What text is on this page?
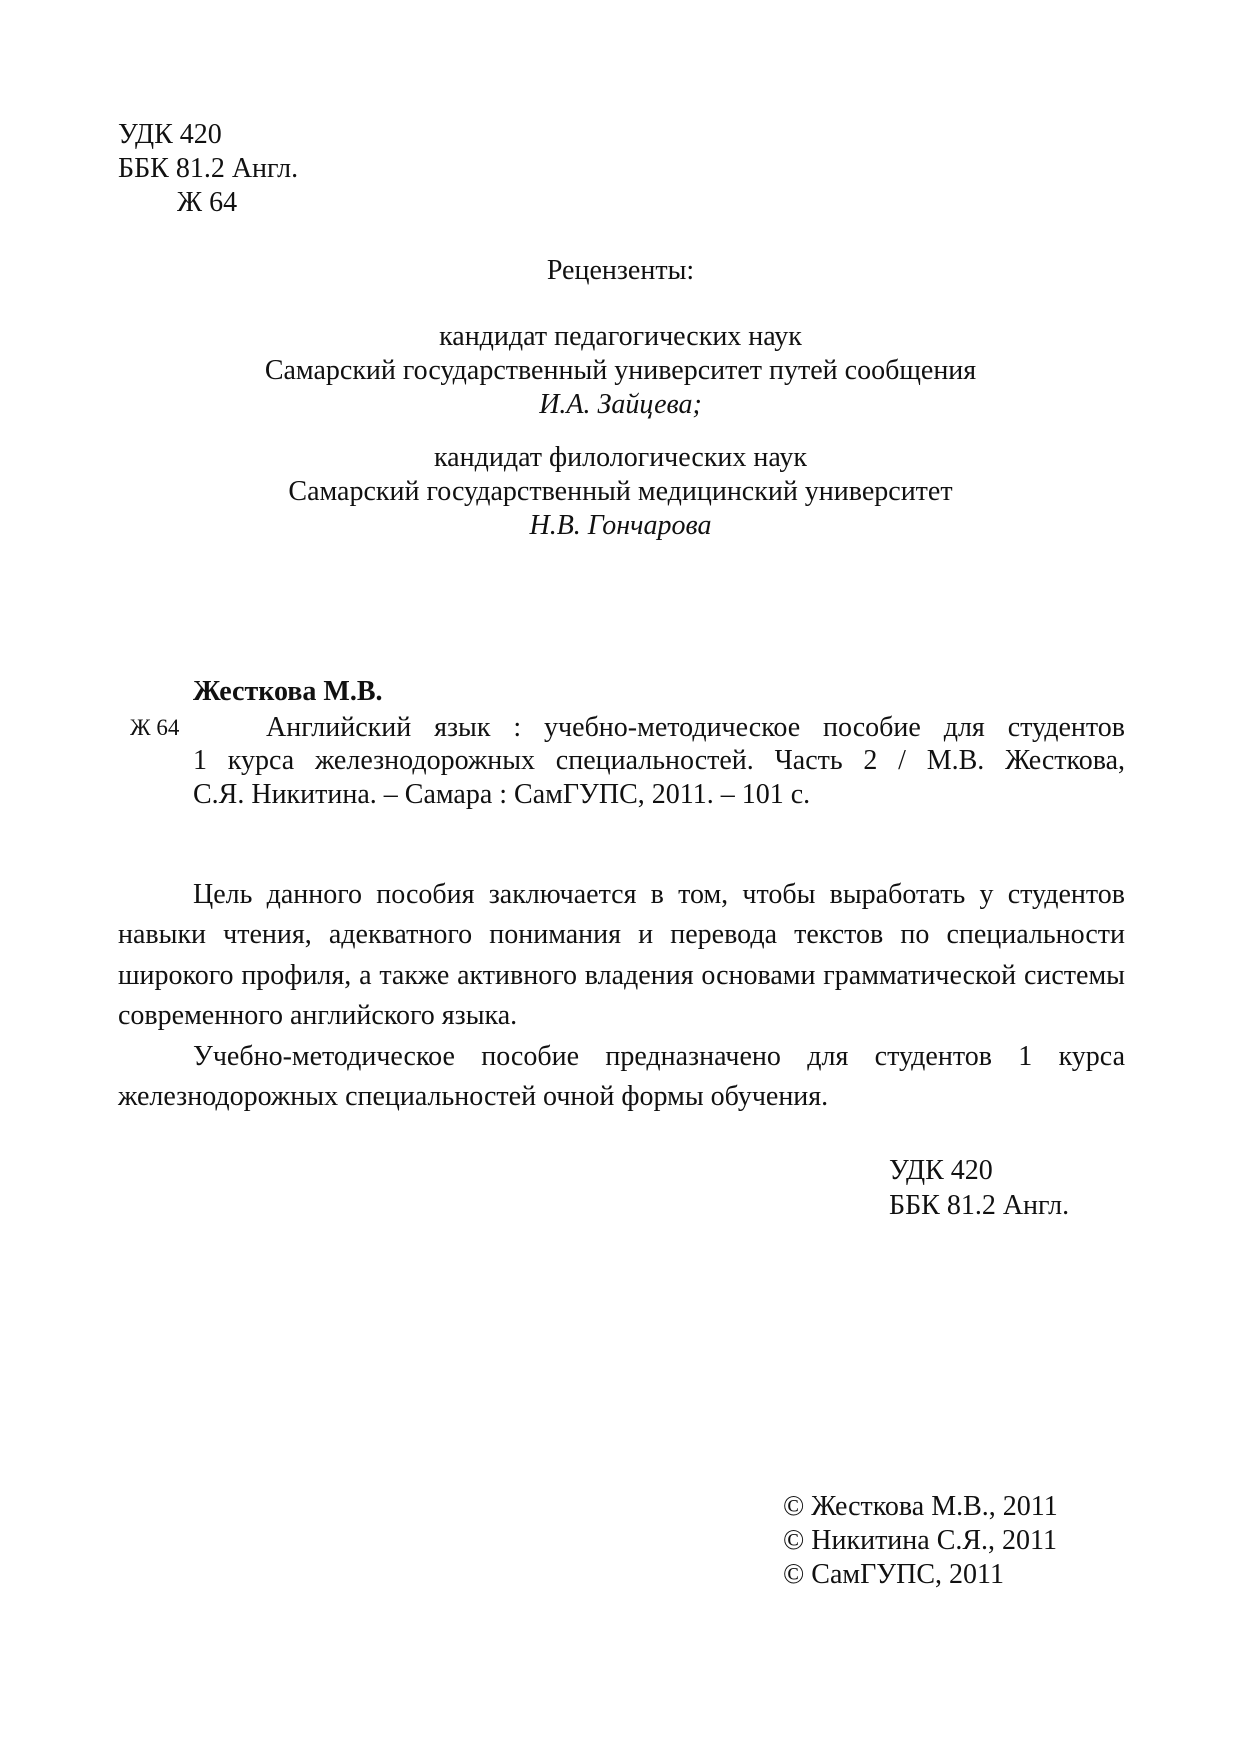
УДК 420
ББК 81.2 Англ.
Ж 64
Рецензенты:
кандидат педагогических наук
Самарский государственный университет путей сообщения
И.А. Зайцева;
кандидат филологических наук
Самарский государственный медицинский университет
Н.В. Гончарова
Жесткова М.В.
Ж 64	Английский язык : учебно-методическое пособие для студентов
1 курса железнодорожных специальностей. Часть 2 / М.В. Жесткова,
С.Я. Никитина. – Самара : СамГУПС, 2011. – 101 с.

Цель данного пособия заключается в том, чтобы выработать у студентов навыки чтения, адекватного понимания и перевода текстов по специальности широкого профиля, а также активного владения основами грамматической системы современного английского языка.

Учебно-методическое пособие предназначено для студентов 1 курса железнодорожных специальностей очной формы обучения.

УДК 420
ББК 81.2 Англ.
© Жесткова М.В., 2011
© Никитина С.Я., 2011
© СамГУПС, 2011
